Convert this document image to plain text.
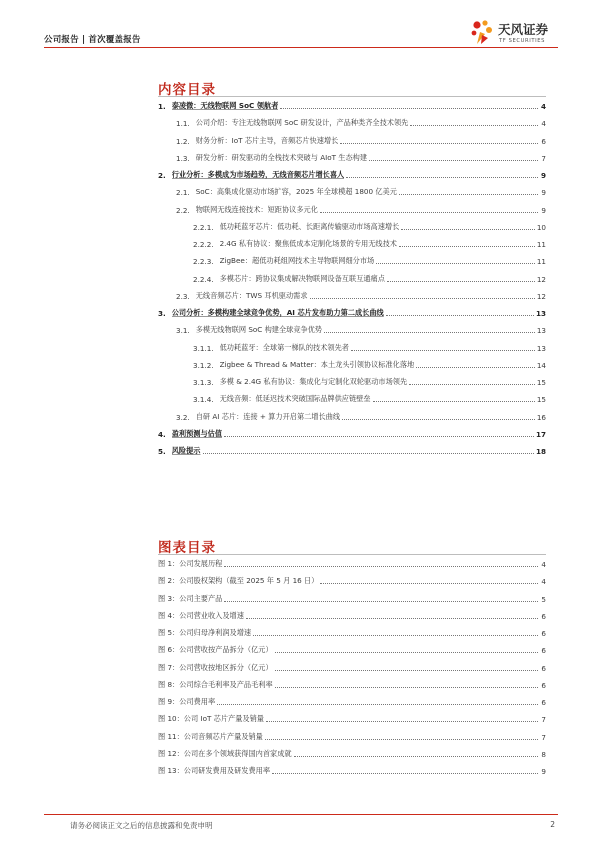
公司报告 | 首次覆盖报告
天风证券
TF SECURITIES
内容目录
1. 泰凌微：无线物联网 SoC 领航者	4
1.1. 公司介绍：专注无线物联网 SoC 研发设计，产品种类齐全技术领先	4
1.2. 财务分析：IoT 芯片主导，音频芯片快速增长	6
1.3. 研发分析：研发驱动的全栈技术突破与 AIoT 生态构建	7
2. 行业分析：多模成为市场趋势，无线音频芯片增长喜人	9
2.1. SoC：高集成化驱动市场扩容，2025 年全球模超 1800 亿美元	9
2.2. 物联网无线连接技术：短距协议多元化	9
2.2.1. 低功耗蓝牙芯片：低功耗、长距离传输驱动市场高速增长	10
2.2.2. 2.4G 私有协议：聚焦低成本定制化场景的专用无线技术	11
2.2.3. ZigBee：超低功耗组网技术主导物联网细分市场	11
2.2.4. 多模芯片：跨协议集成解决物联网设备互联互通痛点	12
2.3. 无线音频芯片：TWS 耳机驱动需求	12
3. 公司分析：多模构建全球竞争优势，AI 芯片发布助力第二成长曲线	13
3.1. 多模无线物联网 SoC 构建全球竞争优势	13
3.1.1. 低功耗蓝牙：全球第一梯队的技术领先者	13
3.1.2. Zigbee & Thread & Matter：本土龙头引领协议标准化落地	14
3.1.3. 多模 & 2.4G 私有协议：集成化与定制化双轮驱动市场领先	15
3.1.4. 无线音频：低延迟技术突破国际品牌供应链壁垒	15
3.2. 自研 AI 芯片：连接 + 算力开启第二增长曲线	16
4. 盈利预测与估值	17
5. 风险提示	18
图表目录
图 1：公司发展历程	4
图 2：公司股权架构（截至 2025 年 5 月 16 日）	4
图 3：公司主要产品	5
图 4：公司营业收入及增速	6
图 5：公司归母净利润及增速	6
图 6：公司营收按产品拆分（亿元）	6
图 7：公司营收按地区拆分（亿元）	6
图 8：公司综合毛利率及产品毛利率	6
图 9：公司费用率	6
图 10：公司 IoT 芯片产量及销量	7
图 11：公司音频芯片产量及销量	7
图 12：公司在多个领域获得国内首家成就	8
图 13：公司研发费用及研发费用率	9
请务必阅读正文之后的信息披露和免责申明	2
